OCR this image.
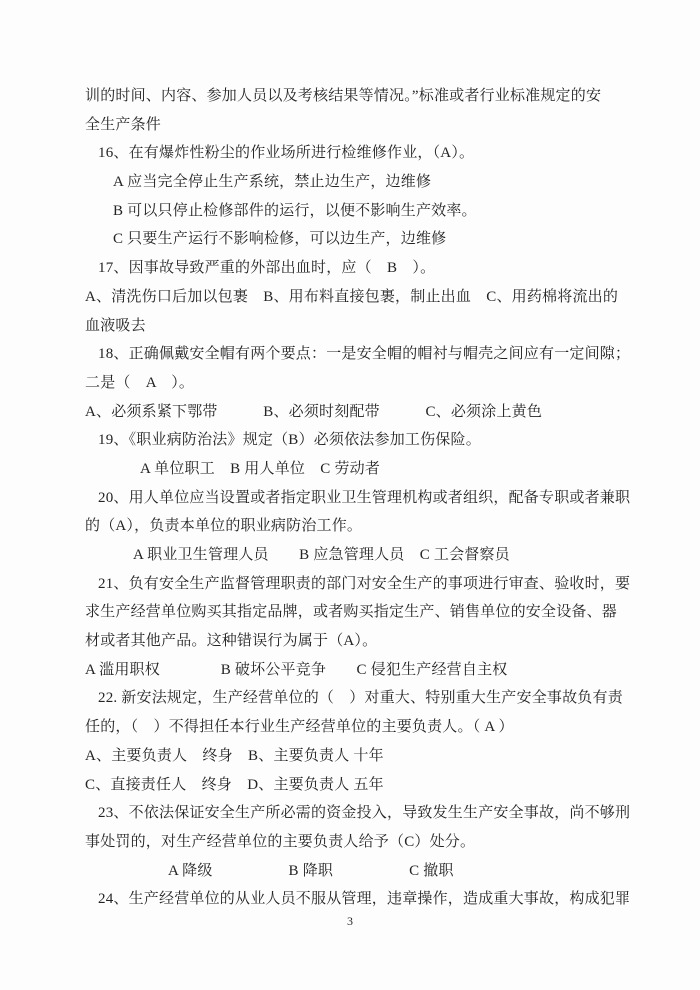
训的时间、内容、参加人员以及考核结果等情况。”标准或者行业标准规定的安
全生产条件
16、在有爆炸性粉尘的作业场所进行检维修作业，（A）。
A 应当完全停止生产系统，禁止边生产，边维修
B 可以只停止检修部件的运行，以便不影响生产效率。
C 只要生产运行不影响检修，可以边生产，边维修
17、因事故导致严重的外部出血时，应（　B　）。
A、清洗伤口后加以包裹　B、用布料直接包裹，制止出血　C、用药棉将流出的
血液吸去
18、正确佩戴安全帽有两个要点：一是安全帽的帽衬与帽壳之间应有一定间隙；
二是（　A　）。
A、必须系紧下鄂带　　　B、必须时刻配带　　　C、必须涂上黄色
19、《职业病防治法》规定（B）必须依法参加工伤保险。
A 单位职工　B 用人单位　C 劳动者
20、用人单位应当设置或者指定职业卫生管理机构或者组织，配备专职或者兼职
的（A），负责本单位的职业病防治工作。
A 职业卫生管理人员　　B 应急管理人员　C 工会督察员
21、负有安全生产监督管理职责的部门对安全生产的事项进行审查、验收时，要
求生产经营单位购买其指定品牌，或者购买指定生产、销售单位的安全设备、器
材或者其他产品。这种错误行为属于（A）。
A 滥用职权　　　　B 破坏公平竞争　　C 侵犯生产经营自主权
22. 新安法规定，生产经营单位的（　）对重大、特别重大生产安全事故负有责
任的，（　）不得担任本行业生产经营单位的主要负责人。（ A ）
A、主要负责人　终身　B、主要负责人 十年
C、直接责任人　终身　D、主要负责人 五年
23、不依法保证安全生产所必需的资金投入，导致发生生产安全事故，尚不够刑
事处罚的，对生产经营单位的主要负责人给予（C）处分。
A 降级　　　　　B 降职　　　　　C 撤职
24、生产经营单位的从业人员不服从管理，违章操作，造成重大事故，构成犯罪
3
